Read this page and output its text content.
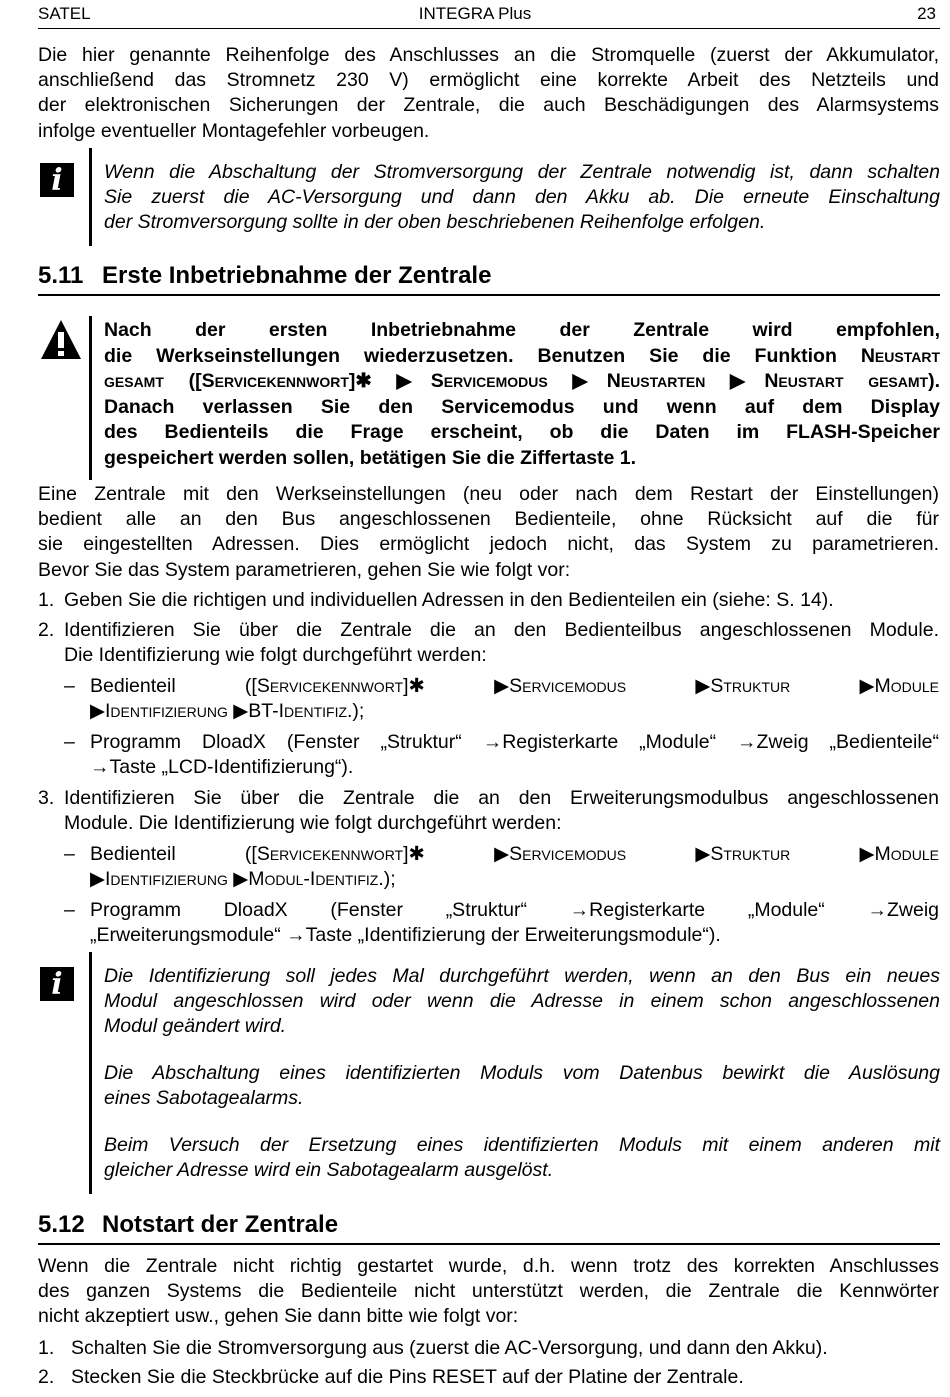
SATEL	INTEGRA Plus	23
Die hier genannte Reihenfolge des Anschlusses an die Stromquelle (zuerst der Akkumulator,
anschließend das Stromnetz 230 V) ermöglicht eine korrekte Arbeit des Netzteils und
der elektronischen Sicherungen der Zentrale, die auch Beschädigungen des Alarmsystems
infolge eventueller Montagefehler vorbeugen.
i	Wenn die Abschaltung der Stromversorgung der Zentrale notwendig ist, dann schalten
Sie zuerst die AC-Versorgung und dann den Akku ab. Die erneute Einschaltung
der Stromversorgung sollte in der oben beschriebenen Reihenfolge erfolgen.
5.11 Erste Inbetriebnahme der Zentrale
Nach der ersten Inbetriebnahme der Zentrale wird empfohlen,
die Werkseinstellungen wiederzusetzen. Benutzen Sie die Funktion Neustart
gesamt ([Servicekennwort]✱ ▶Servicemodus ▶Neustarten ▶Neustart gesamt).
Danach verlassen Sie den Servicemodus und wenn auf dem Display
des Bedienteils die Frage erscheint, ob die Daten im FLASH-Speicher
gespeichert werden sollen, betätigen Sie die Ziffertaste 1.
Eine Zentrale mit den Werkseinstellungen (neu oder nach dem Restart der Einstellungen)
bedient alle an den Bus angeschlossenen Bedienteile, ohne Rücksicht auf die für
sie eingestellten Adressen. Dies ermöglicht jedoch nicht, das System zu parametrieren.
Bevor Sie das System parametrieren, gehen Sie wie folgt vor:
1. Geben Sie die richtigen und individuellen Adressen in den Bedienteilen ein (siehe: S. 14).
2. Identifizieren Sie über die Zentrale die an den Bedienteilbus angeschlossenen Module.
Die Identifizierung wie folgt durchgeführt werden:
– Bedienteil	([Servicekennwort]✱	▶Servicemodus	▶Struktur	▶Module
▶Identifizierung ▶BT-Identifiz.);
– Programm DloadX (Fenster „Struktur“ →Registerkarte „Module“ →Zweig „Bedienteile“
→Taste „LCD-Identifizierung“).
3. Identifizieren Sie über die Zentrale die an den Erweiterungsmodulbus angeschlossenen
Module. Die Identifizierung wie folgt durchgeführt werden:
– Bedienteil	([Servicekennwort]✱	▶Servicemodus	▶Struktur	▶Module
▶Identifizierung ▶Modul-Identifiz.);
– Programm DloadX (Fenster „Struktur“ →Registerkarte „Module“ →Zweig
„Erweiterungsmodule“ →Taste „Identifizierung der Erweiterungsmodule“).
i	Die Identifizierung soll jedes Mal durchgeführt werden, wenn an den Bus ein neues
Modul angeschlossen wird oder wenn die Adresse in einem schon angeschlossenen
Modul geändert wird.
Die Abschaltung eines identifizierten Moduls vom Datenbus bewirkt die Auslösung
eines Sabotagealarms.
Beim Versuch der Ersetzung eines identifizierten Moduls mit einem anderen mit
gleicher Adresse wird ein Sabotagealarm ausgelöst.
5.12 Notstart der Zentrale
Wenn die Zentrale nicht richtig gestartet wurde, d.h. wenn trotz des korrekten Anschlusses
des ganzen Systems die Bedienteile nicht unterstützt werden, die Zentrale die Kennwörter
nicht akzeptiert usw., gehen Sie dann bitte wie folgt vor:
1. Schalten Sie die Stromversorgung aus (zuerst die AC-Versorgung, und dann den Akku).
2. Stecken Sie die Steckbrücke auf die Pins RESET auf der Platine der Zentrale.
